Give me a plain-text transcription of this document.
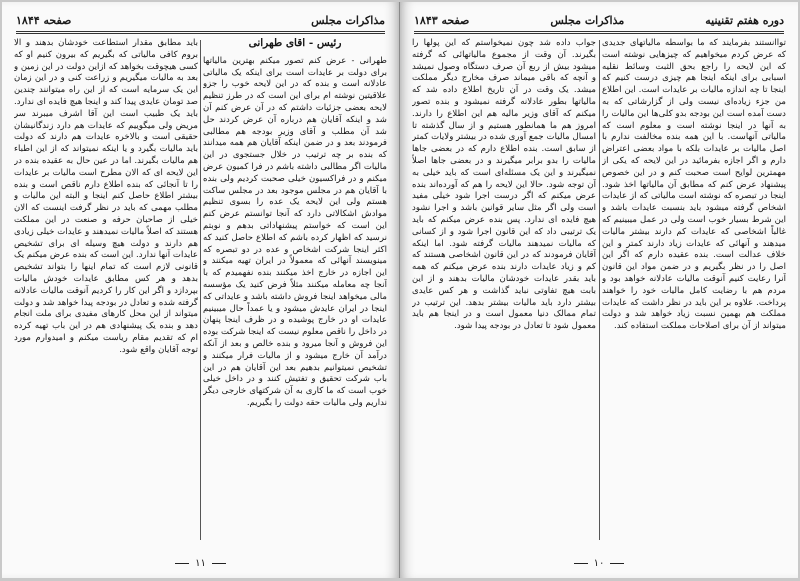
مذاکرات مجلس
صفحه ۱۸۴۴
رئیس - آقای طهرانی

طهرانی - عرض کنم تصور میکنم بهترین مالیاتها برای دولت بر عایدات است برای اینکه یک مالیاتی عادلانه است و بنده که در این لایحه خوب را جزو علاقیتین نوشته ام برای این است که در طرز تنظیم لایحه بعضی جزئیات داشتم که در آن عرض کنم آن شد و اینکه آقایان هم درباره آن عرض کردند حل شد آن مطلب و آقای وزیر بودجه هم مطالبی فرمودند بعد و در ضمن اینکه آقایان هم همه میدانند که بنده بر چه ترتیب در خلال جستجوی در این مالیات اگر مطالبی داشته باشم در فرا کمیون عرض میکنم و در فراکسیون خیلی صحبت کردیم ولی بنده با آقایان هم در مجلس موجود بعد در مجلس ساکت هستم ولی این لایحه یک عده را بسوی تنظیم موادش اشکالاتی دارد که آنجا توانستم عرض کنم این است که خواستم پیشنهاداتی بدهم و نوبتم نرسید که اظهار کرده باشم که اطلاع حاصل کنید که اکثر اینجا شرکت اشخاص و عده در دو تبصره که مینویسند آنهائی که معمولاً در ایران تهیه میکنند و این اجازه در خارج اخذ میکنند بنده نفهمیدم که با آنجا چه معامله میکنند مثلاً فرض کنید یک مؤسسه مالی میخواهد اینجا فروش داشته باشد و عایداتی که اینجا در ایران عایدش میشود و یا عمداً حال میبینیم عایدات او در خارج پوشیده و در ظرف اینجا پنهان در داخل را ناقص معلوم نیست که اینجا شرکت بوده این فروش و آنجا میرود و بنده خالص و بعد از آنکه درآمد آن خارج میشود و از مالیات فرار میکنند و تشخیص نمیتوانیم بدهیم بعد این آقایان هم در این باب شرکت تحقیق و تفتیش کنند و در داخل خیلی خوب است که ما کاری به آن شرکتهای خارجی دیگر نداریم ولی مالیات حقه دولت را بگیریم.

باید مطابق مقدار استطاعت خودشان بدهند و الا بروم کافی مالیاتی که بگیریم که بیرون کنیم او که کسی هیچوقت بخواهد که ازاین دولت در این زمین و بعد به مالیات میگیریم و زراعت کنی و در این زمان این یک سرمایه است که از این راه میتوانند چندین صد تومان عایدی پیدا کند و اینجا هیچ فایده ای ندارد. باید یک طبیب است این آقا اشرف میبرند سر مریض ولی میگوییم که عایدات هم دارد زندگانیشان حقیقی است و بالاخره عایدات هم دارند که دولت باید مالیات بگیرد و یا اینکه نمیتواند که از این اطباء هم مالیات بگیرند. اما در عین حال به عقیده بنده در این لایحه ای که الان مطرح است مالیات بر عایدات را تا آنجائی که بنده اطلاع دارم ناقص است و بنده بیشتر اطلاع حاصل کنم اینجا و البته این مالیات و مطلب مهمی که باید در نظر گرفت اینست که الان خیلی از صاحبان حرفه و صنعت در این مملکت هستند که اصلاً مالیات نمیدهند و عایدات خیلی زیادی هم دارند و دولت هیچ وسیله ای برای تشخیص عایدات آنها ندارد. این است که بنده عرض میکنم یک قانونی لازم است که تمام اینها را بتواند تشخیص بدهد و هر کس مطابق عایدات خودش مالیات بپردازد و اگر این کار را کردیم آنوقت مالیات عادلانه گرفته شده و تعادل در بودجه پیدا خواهد شد و دولت میتواند از این محل کارهای مفیدی برای ملت انجام دهد و بنده یک پیشنهادی هم در این باب تهیه کرده ام که تقدیم مقام ریاست میکنم و امیدوارم مورد توجه آقایان واقع شود.

۱۱
دوره هفتم تقنینیه
مذاکرات مجلس
صفحه ۱۸۴۳

تواانستند بفرمایند که ما بواسطه مالیاتهای جدیدی که عرض کردم میخواهیم که چیزهایی نوشته است که این لایحه را راجع بحق الثبت وسائط نقلیه اسبابی برای اینکه اینجا هم چیزی درست کنیم که اینجا تا چه اندازه مالیات بر عایدات است. این اطلاع من جزء زیاده‌ای نیست ولی از گزارشاتی که به دست آمده است این بودجه بدو کلی‌ها این مالیات را به آنها در اینجا نوشته است و معلوم است که مالیاتی آنهاست. با این همه بنده مخالفت ندارم با اصل مالیات بر عایدات بلکه با مواد بعضی اعتراض دارم و اگر اجازه بفرمائید در این لایحه که یکی از مهمترین لوایح است صحبت کنم و در این خصوص پیشنهاد عرض کنم که مطابق آن مالیاتها اخذ شود. اینجا در تبصره که نوشته است مالیاتی که از عایدات اشخاص گرفته میشود باید بنسبت عایدات باشد و این شرط بسیار خوب است ولی در عمل میبینیم که غالباً اشخاصی که عایدات کم دارند بیشتر مالیات میدهند و آنهائی که عایدات زیاد دارند کمتر و این خلاف عدالت است. بنده عقیده دارم که اگر این اصل را در نظر بگیریم و در ضمن مواد این قانون آنرا رعایت کنیم آنوقت مالیات عادلانه خواهد بود و مردم هم با رضایت کامل مالیات خود را خواهند پرداخت. علاوه بر این باید در نظر داشت که عایدات مملکت هم بهمین نسبت زیاد خواهد شد و دولت میتواند از آن برای اصلاحات مملکت استفاده کند.

جواب داده شد چون نمیخواستم که این پولها را بگیرند. آن وقت از مجموع مالیاتهائی که گرفته میشود بیش از ربع آن صرف دستگاه وصول نمیشد و آنچه که باقی میماند صرف مخارج دیگر مملکت میشد. یک وقت در آن تاریخ اطلاع داده شد که مالیاتها بطور عادلانه گرفته نمیشود و بنده تصور میکنم که آقای وزیر مالیه هم این اطلاع را دارند. امروز هم ما همانطور هستیم و از سال گذشته تا امسال مالیات جمع آوری شده در بیشتر ولایات کمتر از سابق است. بنده اطلاع دارم که در بعضی جاها مالیات را بدو برابر میگیرند و در بعضی جاها اصلاً نمیگیرند و این یک مسئله‌ای است که باید خیلی به آن توجه شود. حالا این لایحه را هم که آورده‌اند بنده عرض میکنم که اگر درست اجرا شود خیلی مفید است ولی اگر مثل سایر قوانین باشد و اجرا نشود هیچ فایده ای ندارد. پس بنده عرض میکنم که باید یک ترتیبی داد که این قانون اجرا شود و از کسانی که مالیات نمیدهند مالیات گرفته شود. اما اینکه آقایان فرمودند که در این قانون اشخاصی هستند که کم و زیاد عایدات دارند بنده عرض میکنم که همه باید بقدر عایدات خودشان مالیات بدهند و از این بابت هیچ تفاوتی نباید گذاشت و هر کس عایدی بیشتر دارد باید مالیات بیشتر بدهد. این ترتیب در تمام ممالک دنیا معمول است و در اینجا هم باید معمول شود تا تعادل در بودجه پیدا شود.

۱۰
